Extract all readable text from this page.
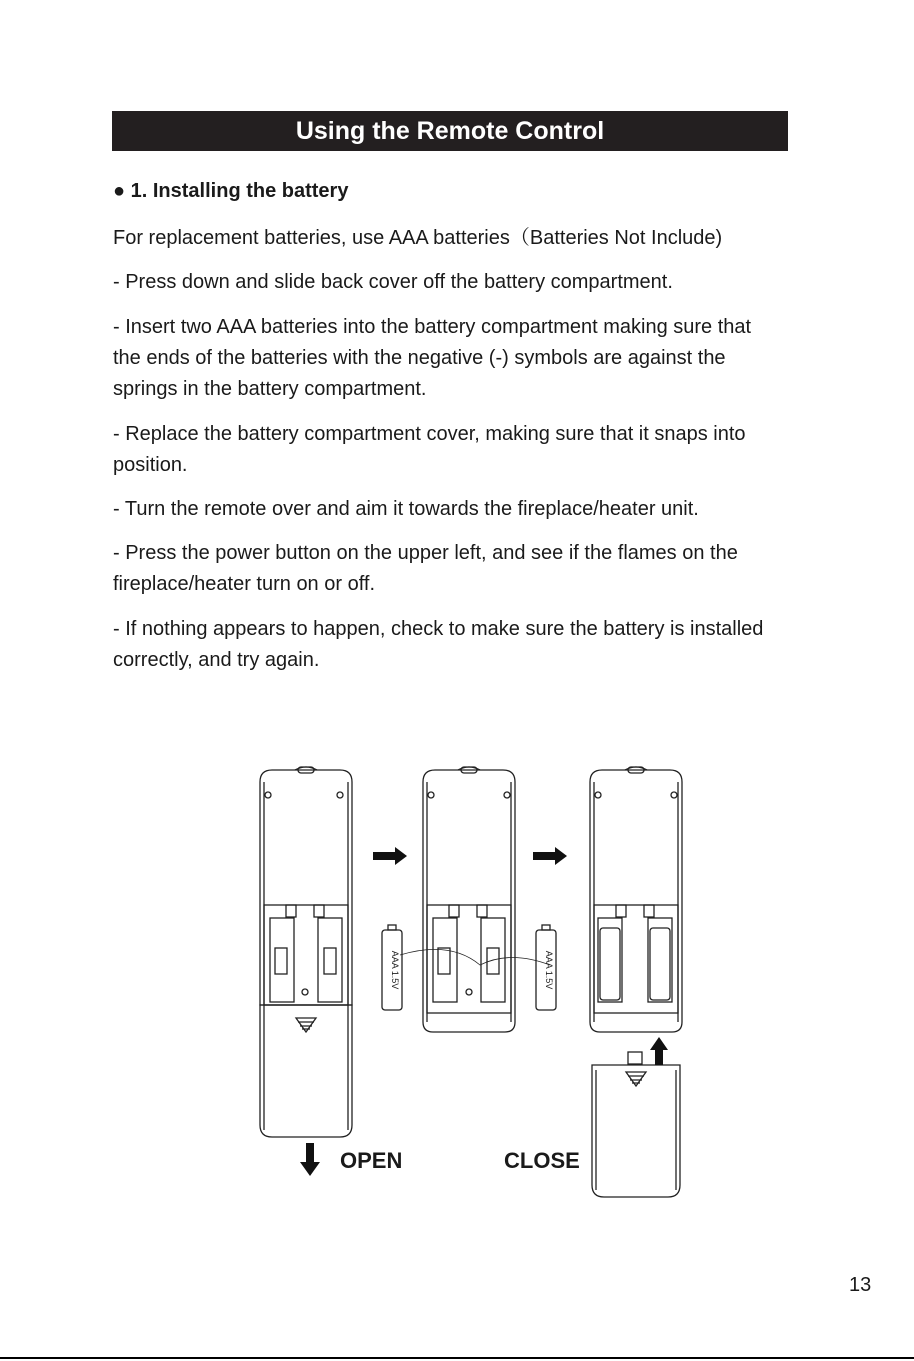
Using the Remote Control
● 1. Installing the battery
For replacement batteries, use AAA batteries（Batteries Not Include)
- Press down and slide back cover off the battery compartment.
- Insert two AAA batteries into the battery compartment making sure that the ends of the batteries with the negative (-) symbols are against the springs in the battery compartment.
- Replace the battery compartment cover, making sure that it snaps into position.
- Turn the remote over and aim it towards the fireplace/heater unit.
- Press the power button on the upper left, and see if the flames on the fireplace/heater turn on or off.
- If nothing appears to happen, check to make sure the battery is installed correctly, and try again.
AAA 1.5V	AAA 1.5V
OPEN	CLOSE
13
